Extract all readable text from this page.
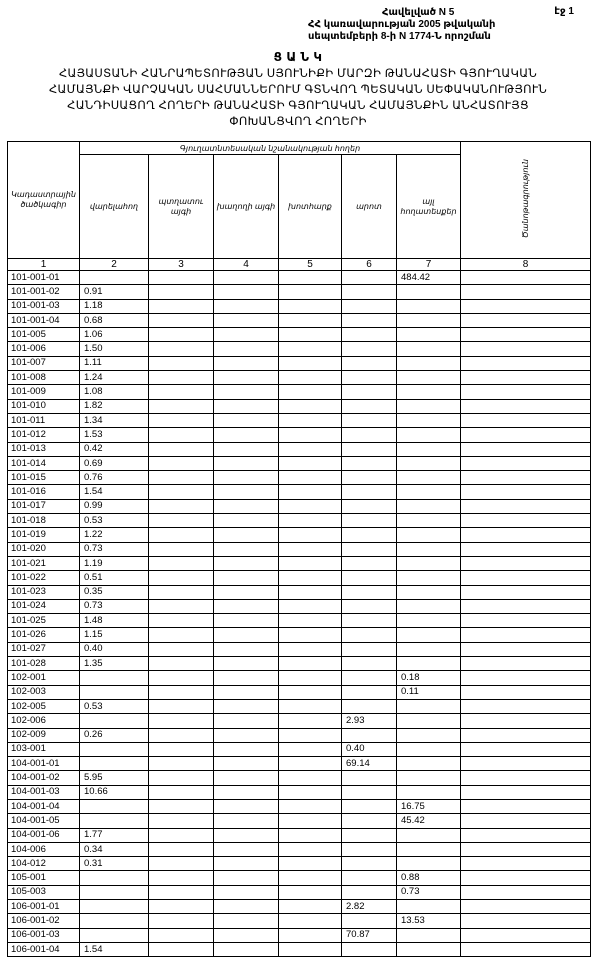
էջ 1
Հավելված N 5
ՀՀ կառավարության 2005 թվականի
սեպտեմբերի 8-ի N 1774-Ն որոշման
Ց Ա Ն Կ
ՀԱՅԱՍՏԱՆԻ ՀԱՆՐԱՊԵՏՈՒԹՅԱՆ ՍՅՈՒՆԻՔԻ ՄԱՐԶԻ ԹԱՆԱՀԱՏԻ ԳՅՈՒՂԱԿԱՆ
ՀԱՄԱՅՆՔԻ ՎԱՐՉԱԿԱՆ ՍԱՀՄԱՆՆԵՐՈՒՄ ԳՏՆՎՈՂ ՊԵՏԱԿԱՆ ՍԵՓԱԿԱՆՈՒԹՅՈՒՆ
ՀԱՆԴԻՍԱՑՈՂ ՀՈՂԵՐԻ ԹԱՆԱՀԱՏԻ ԳՅՈՒՂԱԿԱՆ ՀԱՄԱՅՆՔԻՆ ԱՆՀԱՏՈՒՅՑ
ՓՈԽԱՆՑՎՈՂ ՀՈՂԵՐԻ
Կադաստրային ծածկագիր	Գյուղատնտեսական նշանակության հողեր						Ծանոթագրություն
	վարելահող	պտղատու այգի	խաղողի այգի	խոտհարք	արոտ	այլ հողատեսքեր	
1	2	3	4	5	6	7	8
101-001-01						484.42	
101-001-02	0.91						
101-001-03	1.18						
101-001-04	0.68						
101-005	1.06						
101-006	1.50						
101-007	1.11						
101-008	1.24						
101-009	1.08						
101-010	1.82						
101-011	1.34						
101-012	1.53						
101-013	0.42						
101-014	0.69						
101-015	0.76						
101-016	1.54						
101-017	0.99						
101-018	0.53						
101-019	1.22						
101-020	0.73						
101-021	1.19						
101-022	0.51						
101-023	0.35						
101-024	0.73						
101-025	1.48						
101-026	1.15						
101-027	0.40						
101-028	1.35						
102-001						0.18	
102-003						0.11	
102-005	0.53						
102-006					2.93		
102-009	0.26						
103-001					0.40		
104-001-01					69.14		
104-001-02	5.95						
104-001-03	10.66						
104-001-04						16.75	
104-001-05						45.42	
104-001-06	1.77						
104-006	0.34						
104-012	0.31						
105-001						0.88	
105-003						0.73	
106-001-01					2.82		
106-001-02						13.53	
106-001-03					70.87		
106-001-04	1.54						
